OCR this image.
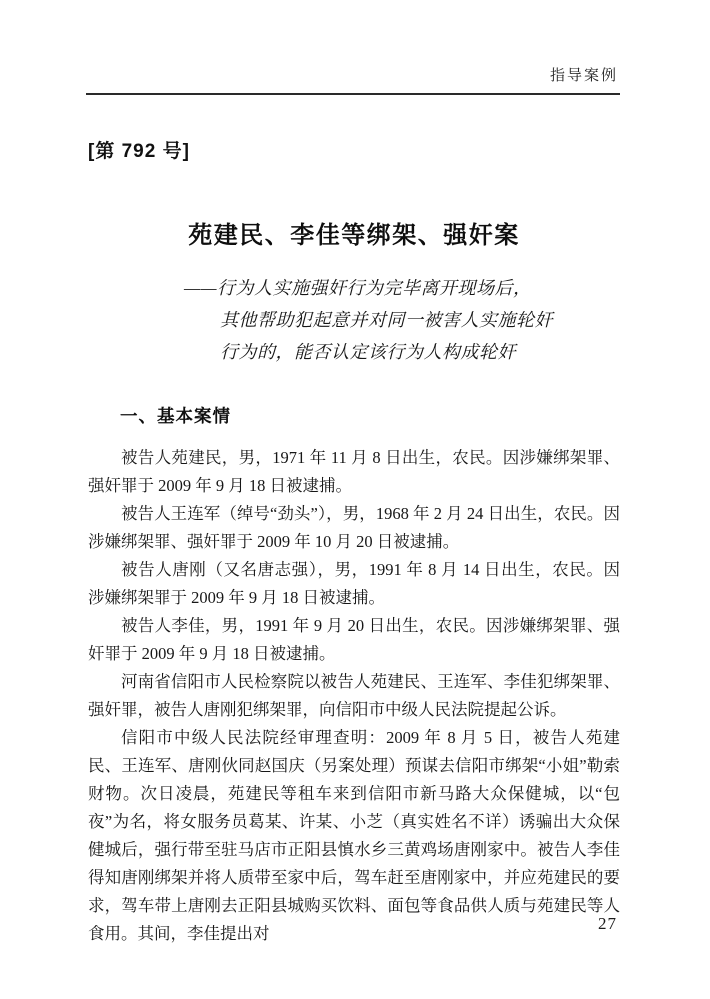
指导案例
[第 792 号]
苑建民、李佳等绑架、强奸案
——行为人实施强奸行为完毕离开现场后，
其他帮助犯起意并对同一被害人实施轮奸
行为的，能否认定该行为人构成轮奸
一、基本案情

被告人苑建民，男，1971 年 11 月 8 日出生，农民。因涉嫌绑架罪、强奸罪于 2009 年 9 月 18 日被逮捕。

被告人王连军（绰号“劲头”），男，1968 年 2 月 24 日出生，农民。因涉嫌绑架罪、强奸罪于 2009 年 10 月 20 日被逮捕。

被告人唐刚（又名唐志强），男，1991 年 8 月 14 日出生，农民。因涉嫌绑架罪于 2009 年 9 月 18 日被逮捕。

被告人李佳，男，1991 年 9 月 20 日出生，农民。因涉嫌绑架罪、强奸罪于 2009 年 9 月 18 日被逮捕。

河南省信阳市人民检察院以被告人苑建民、王连军、李佳犯绑架罪、强奸罪，被告人唐刚犯绑架罪，向信阳市中级人民法院提起公诉。

信阳市中级人民法院经审理查明：2009 年 8 月 5 日，被告人苑建民、王连军、唐刚伙同赵国庆（另案处理）预谋去信阳市绑架“小姐”勒索财物。次日凌晨，苑建民等租车来到信阳市新马路大众保健城，以“包夜”为名，将女服务员葛某、许某、小芝（真实姓名不详）诱骗出大众保健城后，强行带至驻马店市正阳县慎水乡三黄鸡场唐刚家中。被告人李佳得知唐刚绑架并将人质带至家中后，驾车赶至唐刚家中，并应苑建民的要求，驾车带上唐刚去正阳县城购买饮料、面包等食品供人质与苑建民等人食用。其间，李佳提出对

27
